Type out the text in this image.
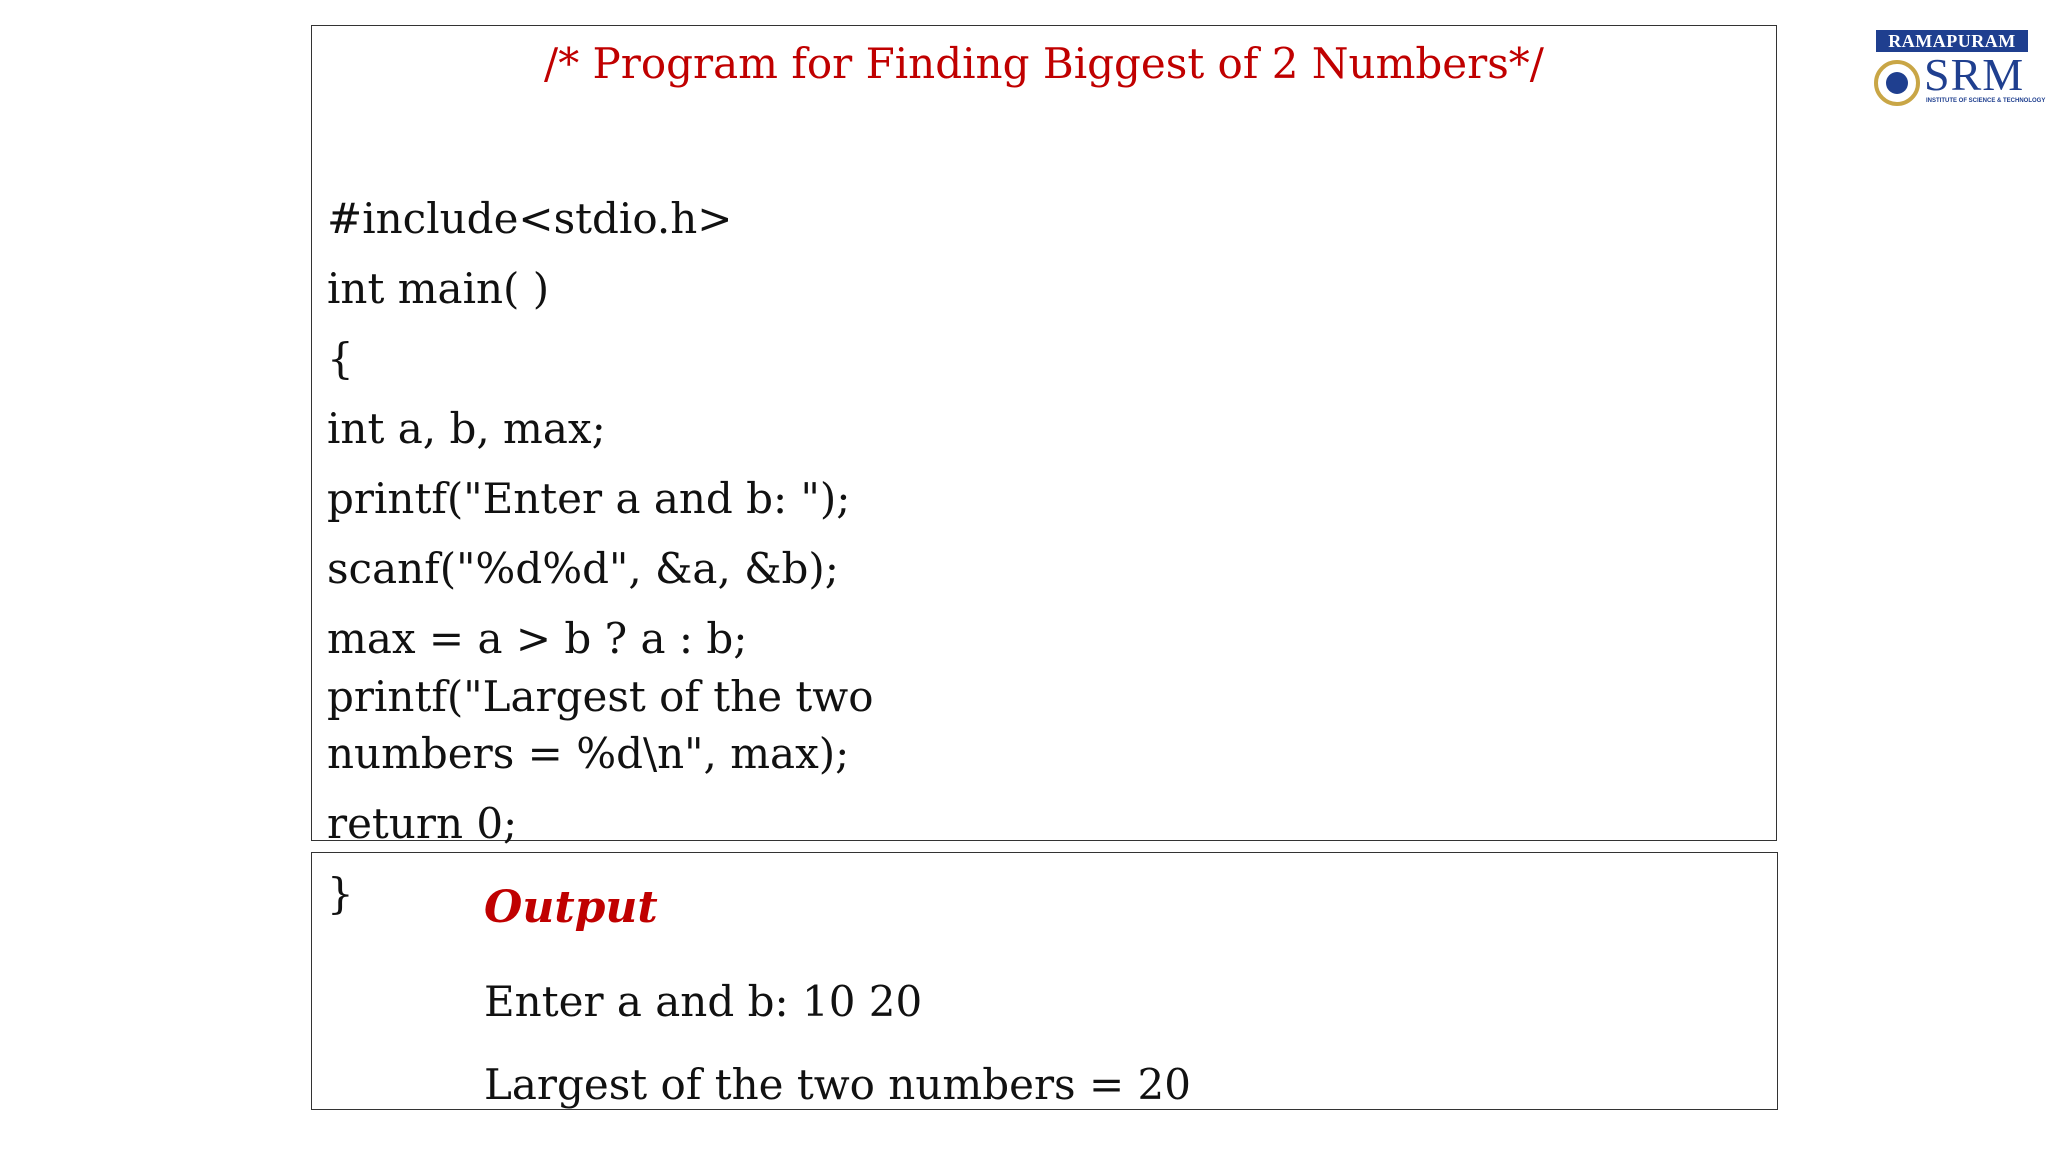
/* Program for Finding Biggest of 2 Numbers*/
#include<stdio.h>
int main( )
{
int a, b, max;
printf("Enter a and b: ");
scanf("%d%d", &a, &b);
max = a > b ? a : b;
printf("Largest of the two
numbers = %d\n", max);
return 0;
}	Output
Enter a and b: 10 20
Largest of the two numbers = 20
RAMAPURAM
SRM
INSTITUTE OF SCIENCE & TECHNOLOGY
